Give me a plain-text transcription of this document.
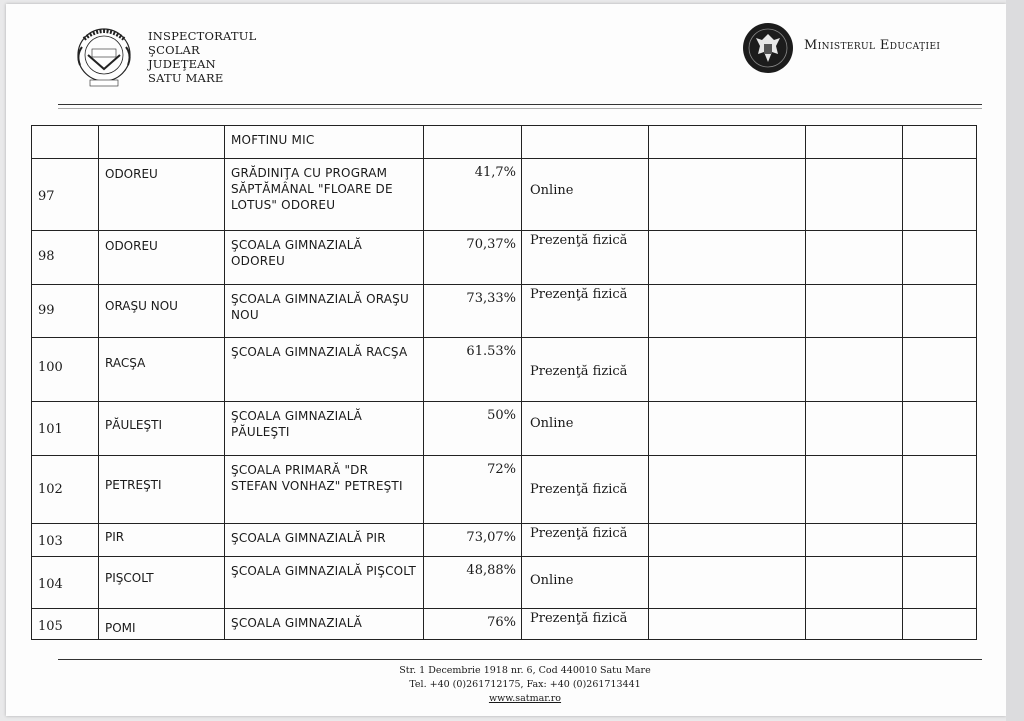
INSPECTORATUL
ŞCOLAR
JUDEŢEAN
SATU MARE
Ministerul Educaţiei

		MOFTINU MIC					

97	ODOREU	GRĂDINIŢA CU PROGRAM SĂPTĂMÂNAL "FLOARE DE LOTUS" ODOREU	41,7%	Online			

98	ODOREU	ŞCOALA GIMNAZIALĂ ODOREU	70,37%	Prezenţă fizică			

99	ORAŞU NOU	ŞCOALA GIMNAZIALĂ ORAŞU NOU	73,33%	Prezenţă fizică			

100	RACŞA	ŞCOALA GIMNAZIALĂ RACŞA	61.53%	Prezenţă fizică			

101	PĂULEŞTI	ŞCOALA GIMNAZIALĂ PĂULEŞTI	50%	Online			

102	PETREŞTI	ŞCOALA PRIMARĂ "DR STEFAN VONHAZ" PETREŞTI	72%	Prezenţă fizică			

103	PIR	ŞCOALA GIMNAZIALĂ PIR	73,07%	Prezenţă fizică			

104	PIŞCOLT	ŞCOALA GIMNAZIALĂ PIŞCOLT	48,88%	Online			

105	POMI	ŞCOALA GIMNAZIALĂ	76%	Prezenţă fizică			

Str. 1 Decembrie 1918 nr. 6, Cod 440010 Satu Mare
Tel. +40 (0)261712175, Fax: +40 (0)261713441
www.satmar.ro
